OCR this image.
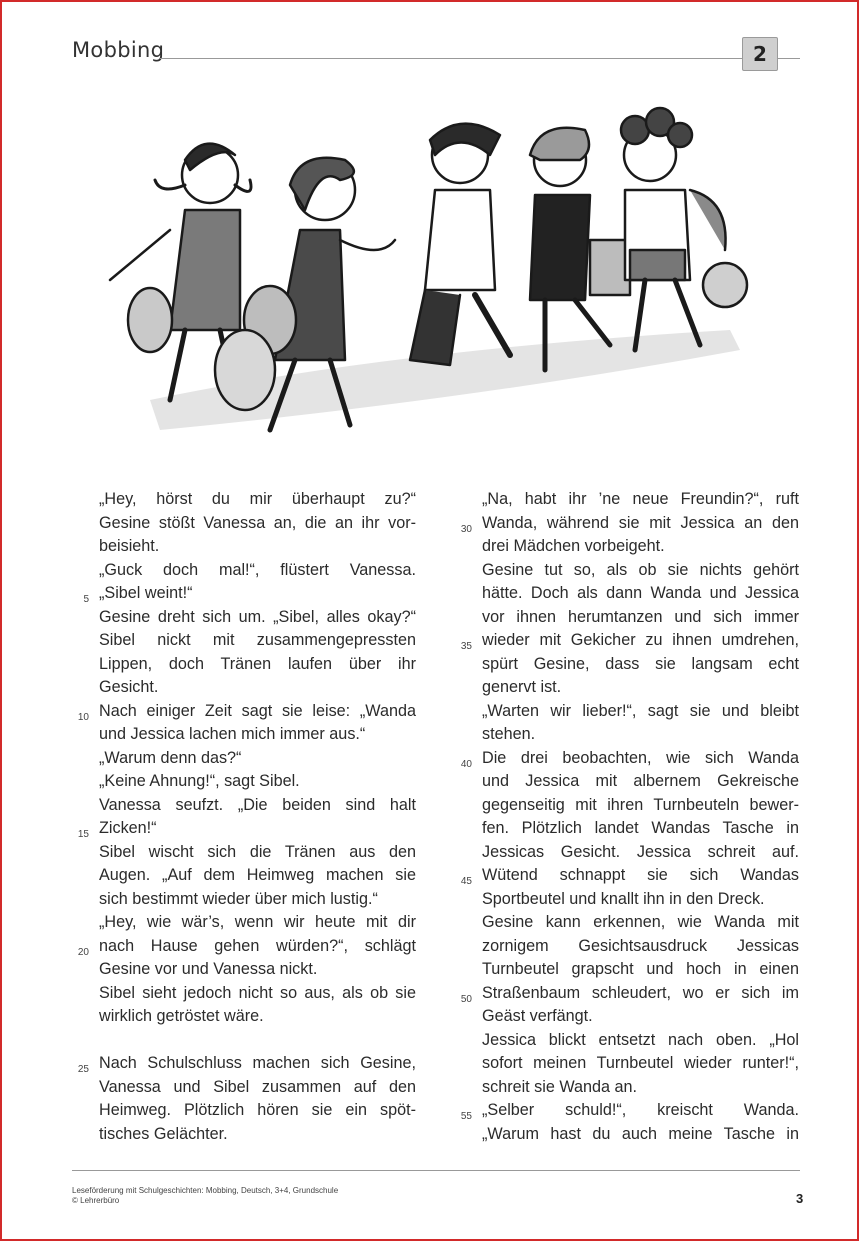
Mobbing	2
„Hey, hörst du mir überhaupt zu?“
Gesine stößt Vanessa an, die an ihr vor-
beisieht.
„Guck doch mal!“, flüstert Vanessa.
„Sibel weint!“
5
Gesine dreht sich um. „Sibel, alles okay?“
Sibel nickt mit zusammengepressten
Lippen, doch Tränen laufen über ihr
Gesicht.
Nach einiger Zeit sagt sie leise: „Wanda
10
und Jessica lachen mich immer aus.“
„Warum denn das?“
„Keine Ahnung!“, sagt Sibel.
Vanessa seufzt. „Die beiden sind halt
Zicken!“
15
Sibel wischt sich die Tränen aus den
Augen. „Auf dem Heimweg machen sie
sich bestimmt wieder über mich lustig.“
„Hey, wie wär’s, wenn wir heute mit dir
nach Hause gehen würden?“, schlägt
20
Gesine vor und Vanessa nickt.
Sibel sieht jedoch nicht so aus, als ob sie
wirklich getröstet wäre.
Nach Schulschluss machen sich Gesine,
25
Vanessa und Sibel zusammen auf den
Heimweg. Plötzlich hören sie ein spöt-
tisches Gelächter.
„Na, habt ihr ’ne neue Freundin?“, ruft
Wanda, während sie mit Jessica an den
30
drei Mädchen vorbeigeht.
Gesine tut so, als ob sie nichts gehört
hätte. Doch als dann Wanda und Jessica
vor ihnen herumtanzen und sich immer
wieder mit Gekicher zu ihnen umdrehen,
35
spürt Gesine, dass sie langsam echt
genervt ist.
„Warten wir lieber!“, sagt sie und bleibt
stehen.
Die drei beobachten, wie sich Wanda
40
und Jessica mit albernem Gekreische
gegenseitig mit ihren Turnbeuteln bewer-
fen. Plötzlich landet Wandas Tasche in
Jessicas Gesicht. Jessica schreit auf.
Wütend schnappt sie sich Wandas
45
Sportbeutel und knallt ihn in den Dreck.
Gesine kann erkennen, wie Wanda mit
zornigem Gesichtsausdruck Jessicas
Turnbeutel grapscht und hoch in einen
Straßenbaum schleudert, wo er sich im
50
Geäst verfängt.
Jessica blickt entsetzt nach oben. „Hol
sofort meinen Turnbeutel wieder runter!“,
schreit sie Wanda an.
„Selber schuld!“, kreischt Wanda.
55
„Warum hast du auch meine Tasche in
Leseförderung mit Schulgeschichten: Mobbing, Deutsch, 3+4, Grundschule
© Lehrerbüro	3
